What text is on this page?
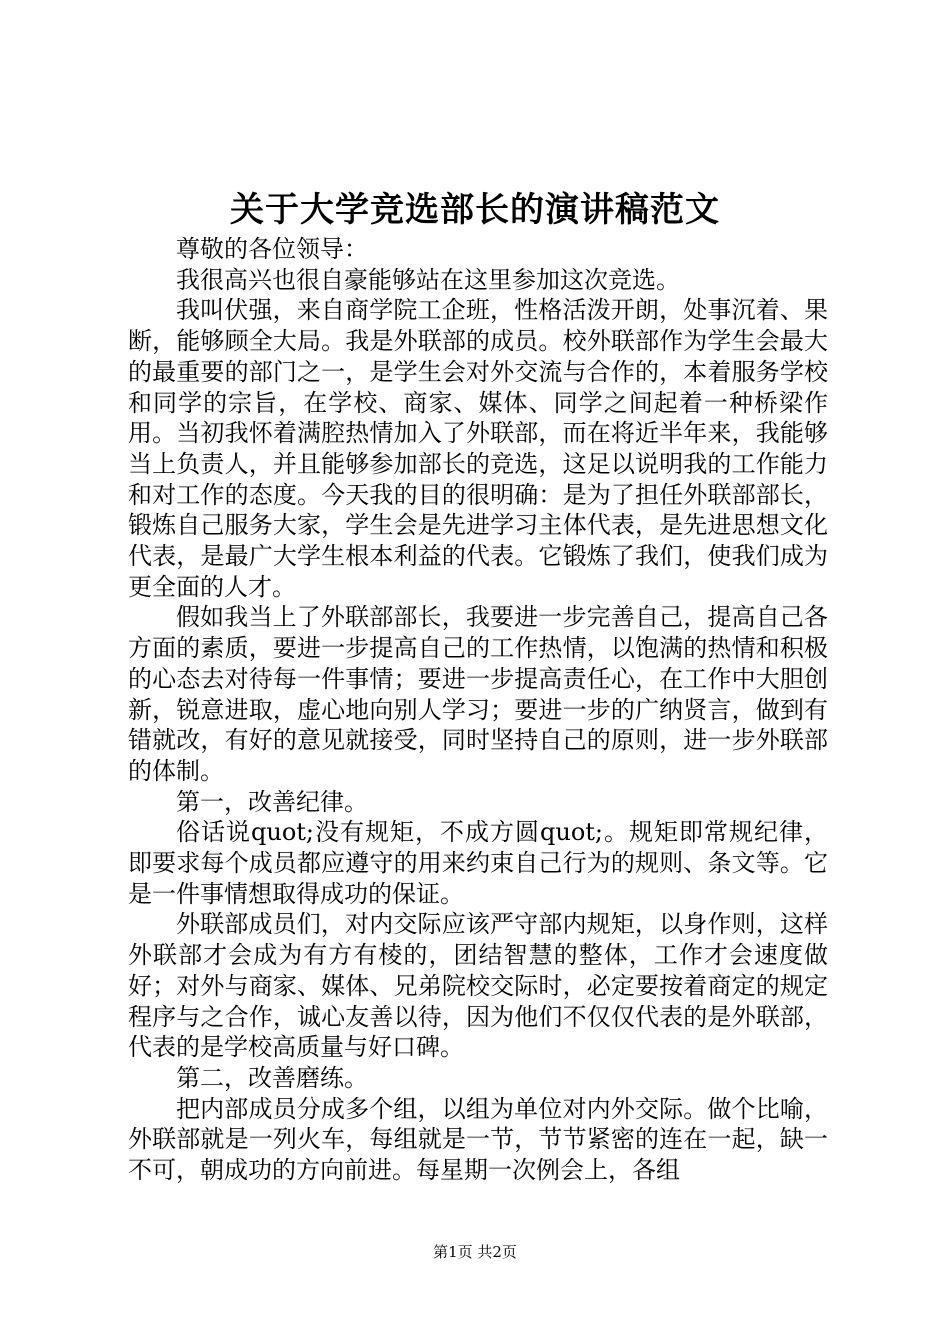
关于大学竞选部长的演讲稿范文

尊敬的各位领导：

我很高兴也很自豪能够站在这里参加这次竞选。

我叫伏强，来自商学院工企班，性格活泼开朗，处事沉着、果断，能够顾全大局。我是外联部的成员。校外联部作为学生会最大的最重要的部门之一，是学生会对外交流与合作的，本着服务学校和同学的宗旨，在学校、商家、媒体、同学之间起着一种桥梁作用。当初我怀着满腔热情加入了外联部，而在将近半年来，我能够当上负责人，并且能够参加部长的竞选，这足以说明我的工作能力和对工作的态度。今天我的目的很明确：是为了担任外联部部长，锻炼自己服务大家，学生会是先进学习主体代表，是先进思想文化代表，是最广大学生根本利益的代表。它锻炼了我们，使我们成为更全面的人才。

假如我当上了外联部部长，我要进一步完善自己，提高自己各方面的素质，要进一步提高自己的工作热情，以饱满的热情和积极的心态去对待每一件事情；要进一步提高责任心，在工作中大胆创新，锐意进取，虚心地向别人学习；要进一步的广纳贤言，做到有错就改，有好的意见就接受，同时坚持自己的原则，进一步外联部的体制。

第一，改善纪律。

俗话说quot;没有规矩，不成方圆quot;。规矩即常规纪律，即要求每个成员都应遵守的用来约束自己行为的规则、条文等。它是一件事情想取得成功的保证。

外联部成员们，对内交际应该严守部内规矩，以身作则，这样外联部才会成为有方有棱的，团结智慧的整体，工作才会速度做好；对外与商家、媒体、兄弟院校交际时，必定要按着商定的规定程序与之合作，诚心友善以待，因为他们不仅仅代表的是外联部，代表的是学校高质量与好口碑。

第二，改善磨练。

把内部成员分成多个组，以组为单位对内外交际。做个比喻，外联部就是一列火车，每组就是一节，节节紧密的连在一起，缺一不可，朝成功的方向前进。每星期一次例会上，各组

第1页 共2页
